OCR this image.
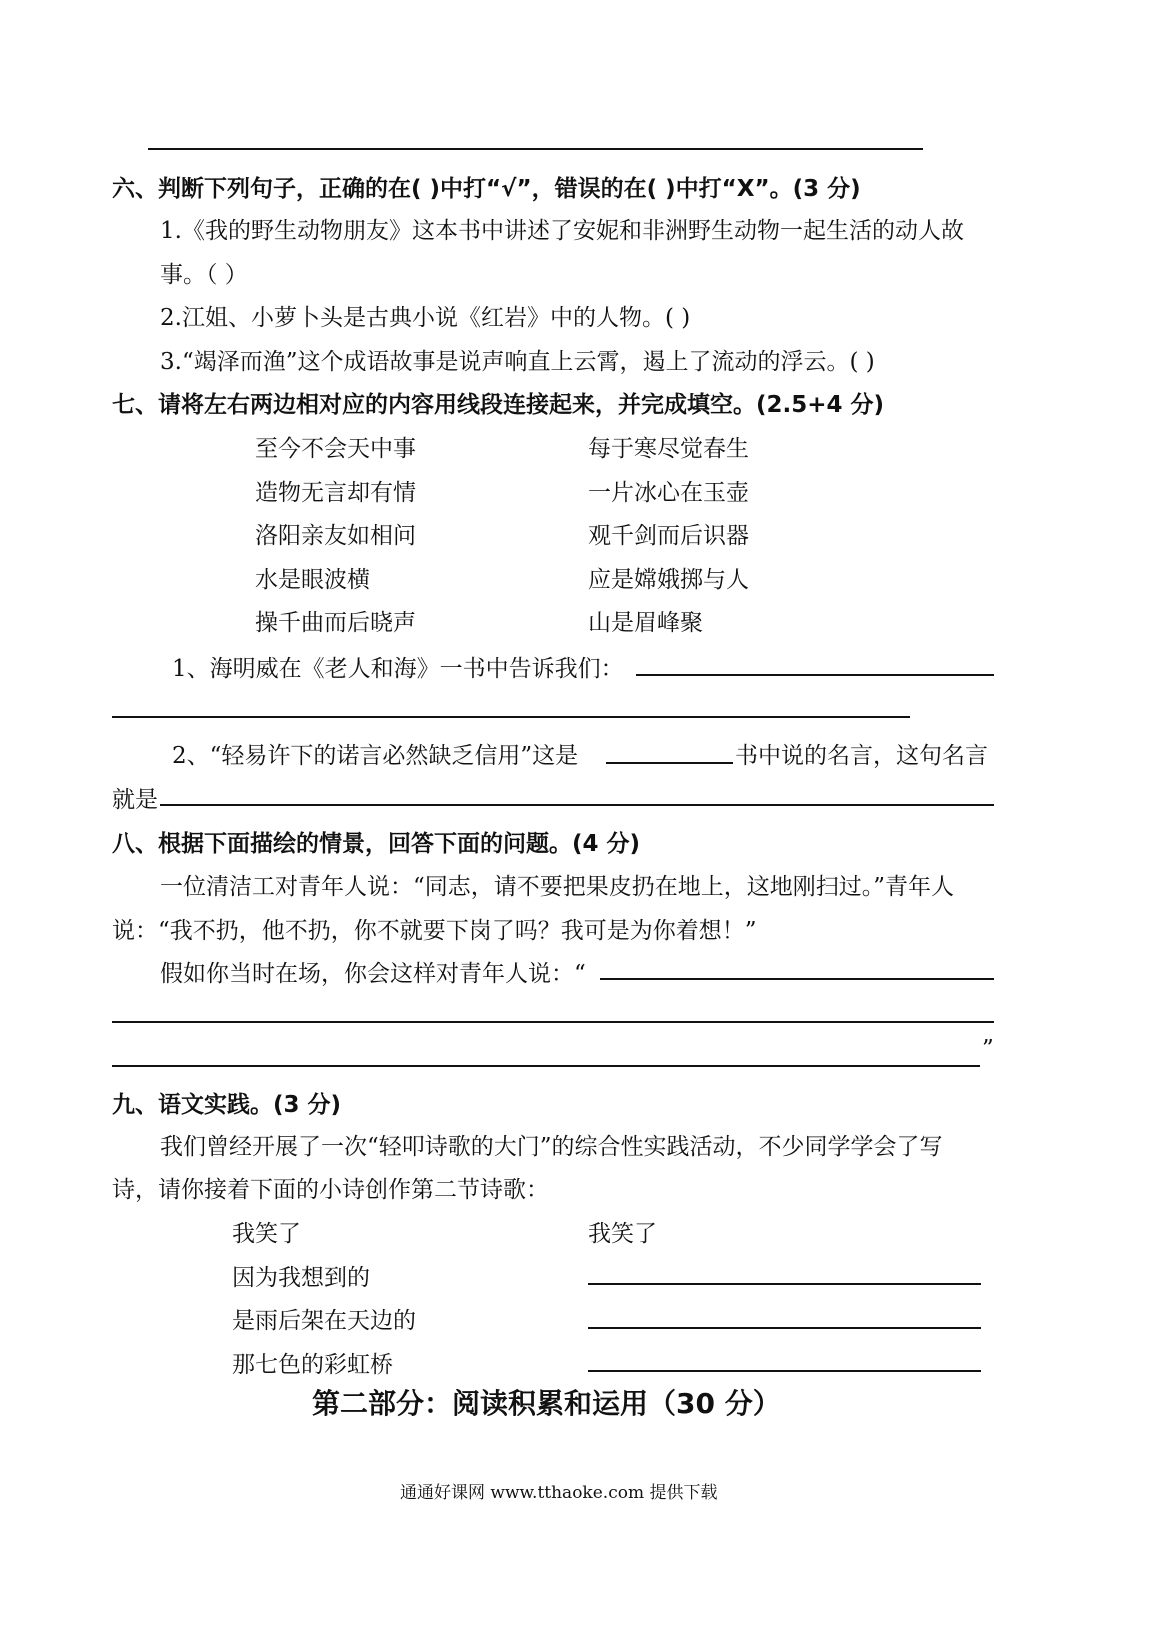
六、判断下列句子，正确的在( )中打“√”，错误的在( )中打“X”。(3 分)
1.《我的野生动物朋友》这本书中讲述了安妮和非洲野生动物一起生活的动人故
事。（ ）
2.江姐、小萝卜头是古典小说《红岩》中的人物。( )
3.“竭泽而渔”这个成语故事是说声响直上云霄，遏上了流动的浮云。( )
七、请将左右两边相对应的内容用线段连接起来，并完成填空。(2.5+4 分)
至今不会天中事
造物无言却有情
洛阳亲友如相问
水是眼波横
操千曲而后晓声
每于寒尽觉春生
一片冰心在玉壶
观千剑而后识器
应是嫦娥掷与人
山是眉峰聚
1、海明威在《老人和海》一书中告诉我们：
2、“轻易许下的诺言必然缺乏信用”这是	书中说的名言，这句名言
就是
八、根据下面描绘的情景，回答下面的问题。(4 分)
一位清洁工对青年人说：“同志，请不要把果皮扔在地上，这地刚扫过。”青年人
说：“我不扔，他不扔，你不就要下岗了吗？我可是为你着想！”
假如你当时在场，你会这样对青年人说：“
”
九、语文实践。(3 分)
我们曾经开展了一次“轻叩诗歌的大门”的综合性实践活动，不少同学学会了写
诗，请你接着下面的小诗创作第二节诗歌：
我笑了
因为我想到的
是雨后架在天边的
那七色的彩虹桥
我笑了
第二部分：阅读积累和运用（30 分）
通通好课网 www.tthaoke.com 提供下载
